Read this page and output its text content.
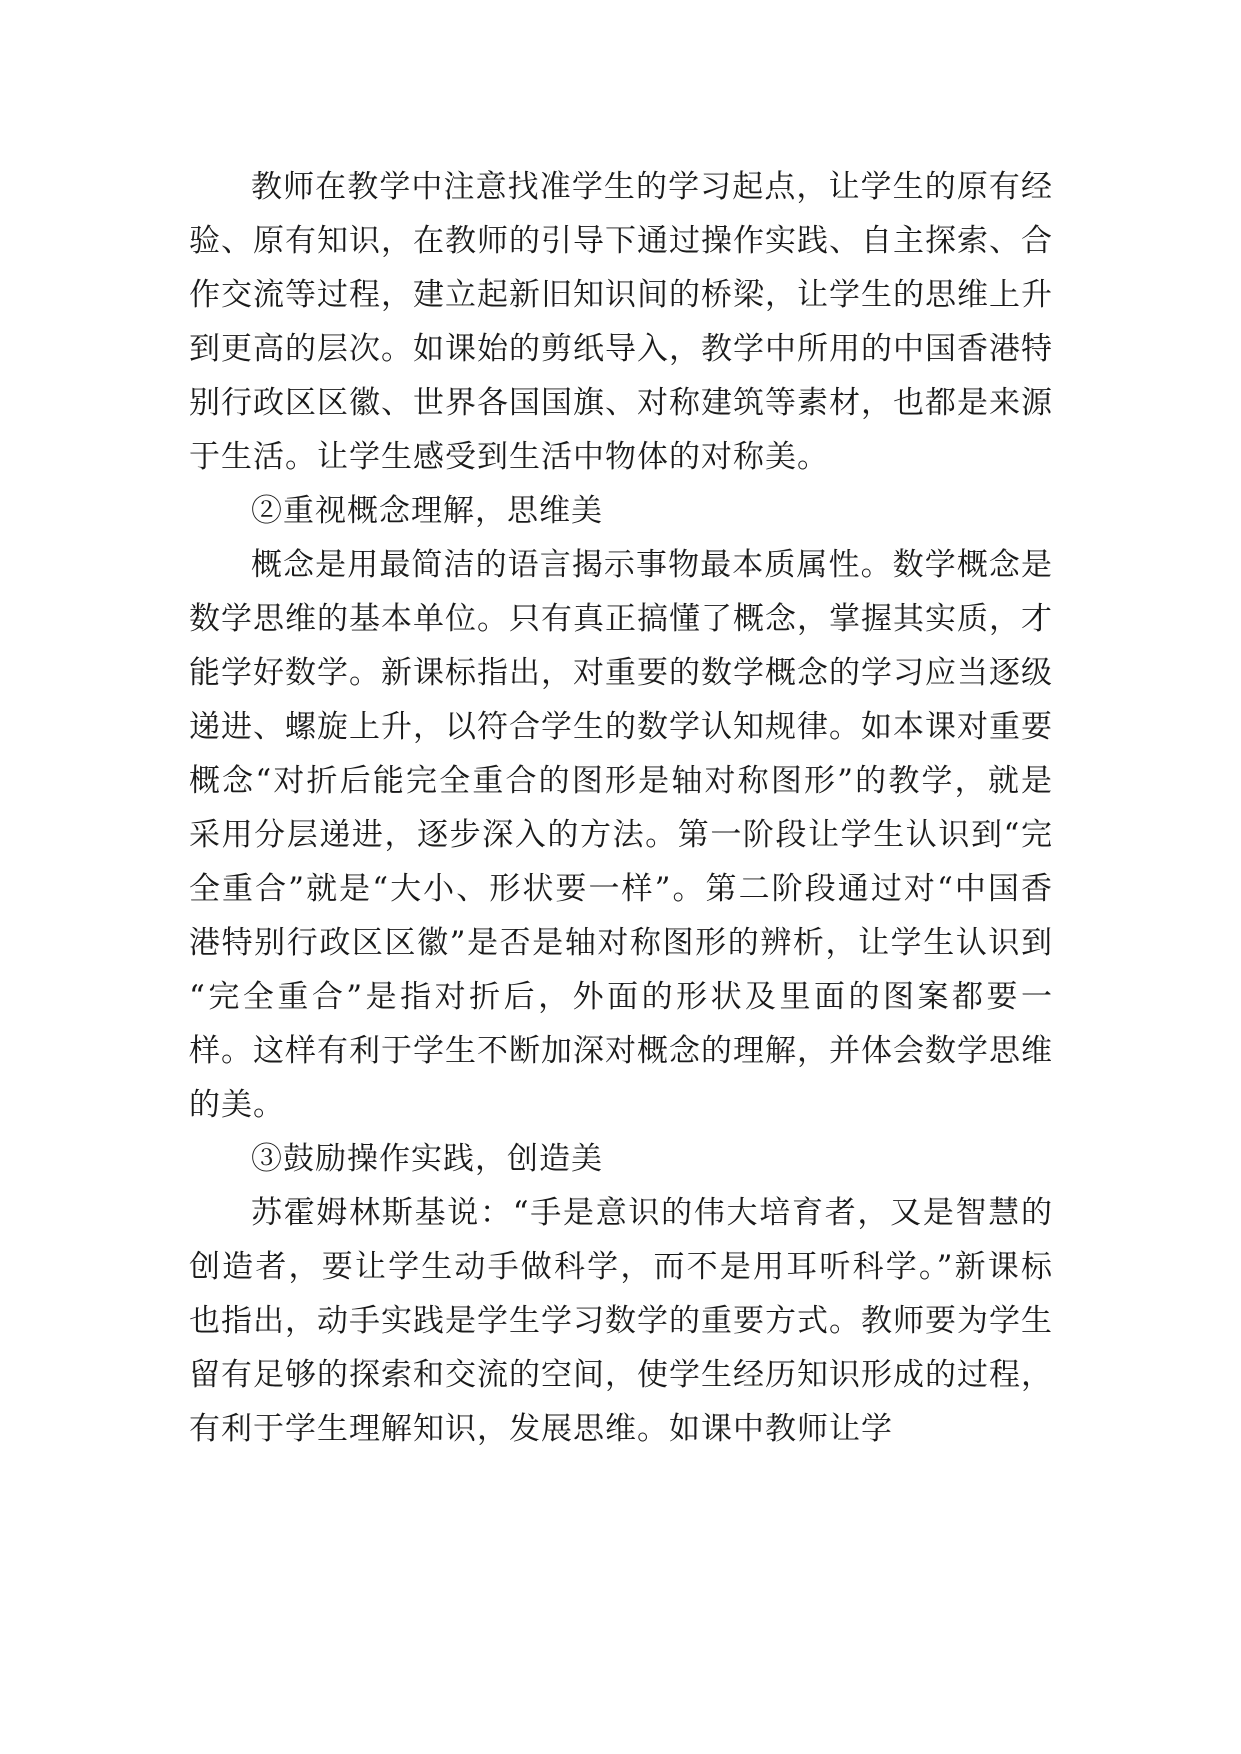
教师在教学中注意找准学生的学习起点，让学生的原有经验、原有知识，在教师的引导下通过操作实践、自主探索、合作交流等过程，建立起新旧知识间的桥梁，让学生的思维上升到更高的层次。如课始的剪纸导入，教学中所用的中国香港特别行政区区徽、世界各国国旗、对称建筑等素材，也都是来源于生活。让学生感受到生活中物体的对称美。

②重视概念理解，思维美

概念是用最简洁的语言揭示事物最本质属性。数学概念是数学思维的基本单位。只有真正搞懂了概念，掌握其实质，才能学好数学。新课标指出，对重要的数学概念的学习应当逐级递进、螺旋上升，以符合学生的数学认知规律。如本课对重要概念“对折后能完全重合的图形是轴对称图形”的教学，就是采用分层递进，逐步深入的方法。第一阶段让学生认识到“完全重合”就是“大小、形状要一样”。第二阶段通过对“中国香港特别行政区区徽”是否是轴对称图形的辨析，让学生认识到 “完全重合”是指对折后，外面的形状及里面的图案都要一样。这样有利于学生不断加深对概念的理解，并体会数学思维的美。

③鼓励操作实践，创造美

苏霍姆林斯基说：“手是意识的伟大培育者，又是智慧的创造者，要让学生动手做科学，而不是用耳听科学。”新课标也指出，动手实践是学生学习数学的重要方式。教师要为学生留有足够的探索和交流的空间，使学生经历知识形成的过程，有利于学生理解知识，发展思维。如课中教师让学
